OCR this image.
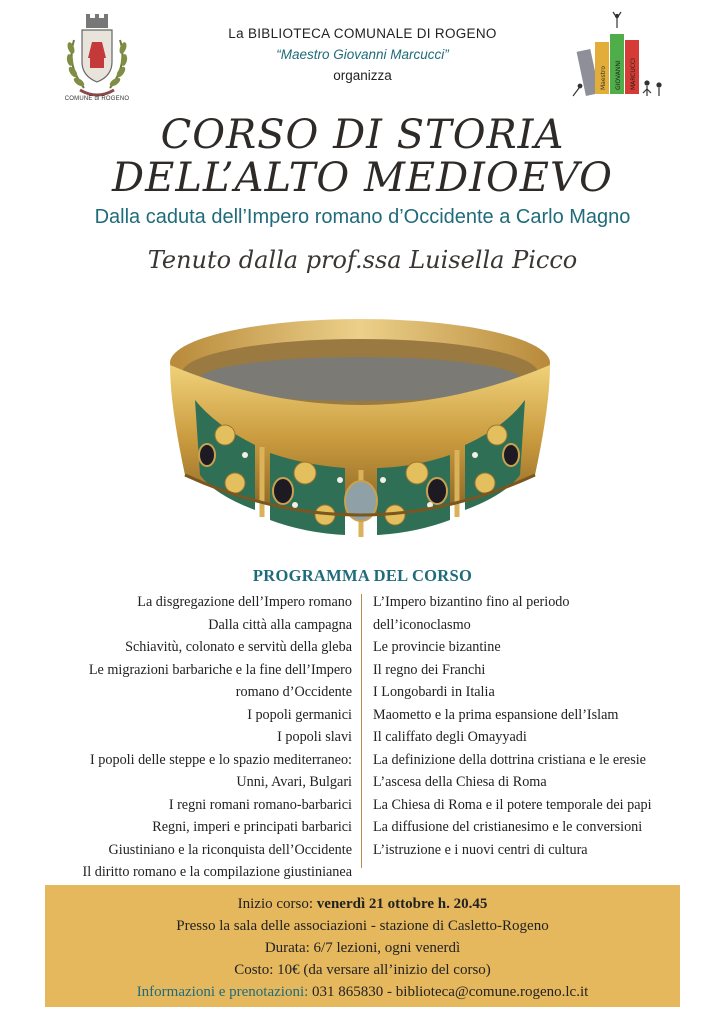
COMUNE di ROGENO
La BIBLIOTECA COMUNALE DI ROGENO
“Maestro Giovanni Marcucci”
organizza	Maestro GIOVANNI MARCUCCI
CORSO DI STORIA
DELL’ALTO MEDIOEVO
Dalla caduta dell’Impero romano d’Occidente a Carlo Magno
Tenuto dalla prof.ssa Luisella Picco
PROGRAMMA DEL CORSO
La disgregazione dell’Impero romano
Dalla città alla campagna
Schiavitù, colonato e servitù della gleba
Le migrazioni barbariche e la fine dell’Impero
romano d’Occidente
I popoli germanici
I popoli slavi
I popoli delle steppe e lo spazio mediterraneo:
Unni, Avari, Bulgari
I regni romani romano-barbarici
Regni, imperi e principati barbarici
Giustiniano e la riconquista dell’Occidente
Il diritto romano e la compilazione giustinianea
L’Impero bizantino fino al periodo
dell’iconoclasmo
Le provincie bizantine
Il regno dei Franchi
I Longobardi in Italia
Maometto e la prima espansione dell’Islam
Il califfato degli Omayyadi
La definizione della dottrina cristiana e le eresie
L’ascesa della Chiesa di Roma
La Chiesa di Roma e il potere temporale dei papi
La diffusione del cristianesimo e le conversioni
L’istruzione e i nuovi centri di cultura
Inizio corso: venerdì 21 ottobre h. 20.45
Presso la sala delle associazioni - stazione di Casletto-Rogeno
Durata: 6/7 lezioni, ogni venerdì
Costo: 10€ (da versare all’inizio del corso)
Informazioni e prenotazioni: 031 865830 - biblioteca@comune.rogeno.lc.it
